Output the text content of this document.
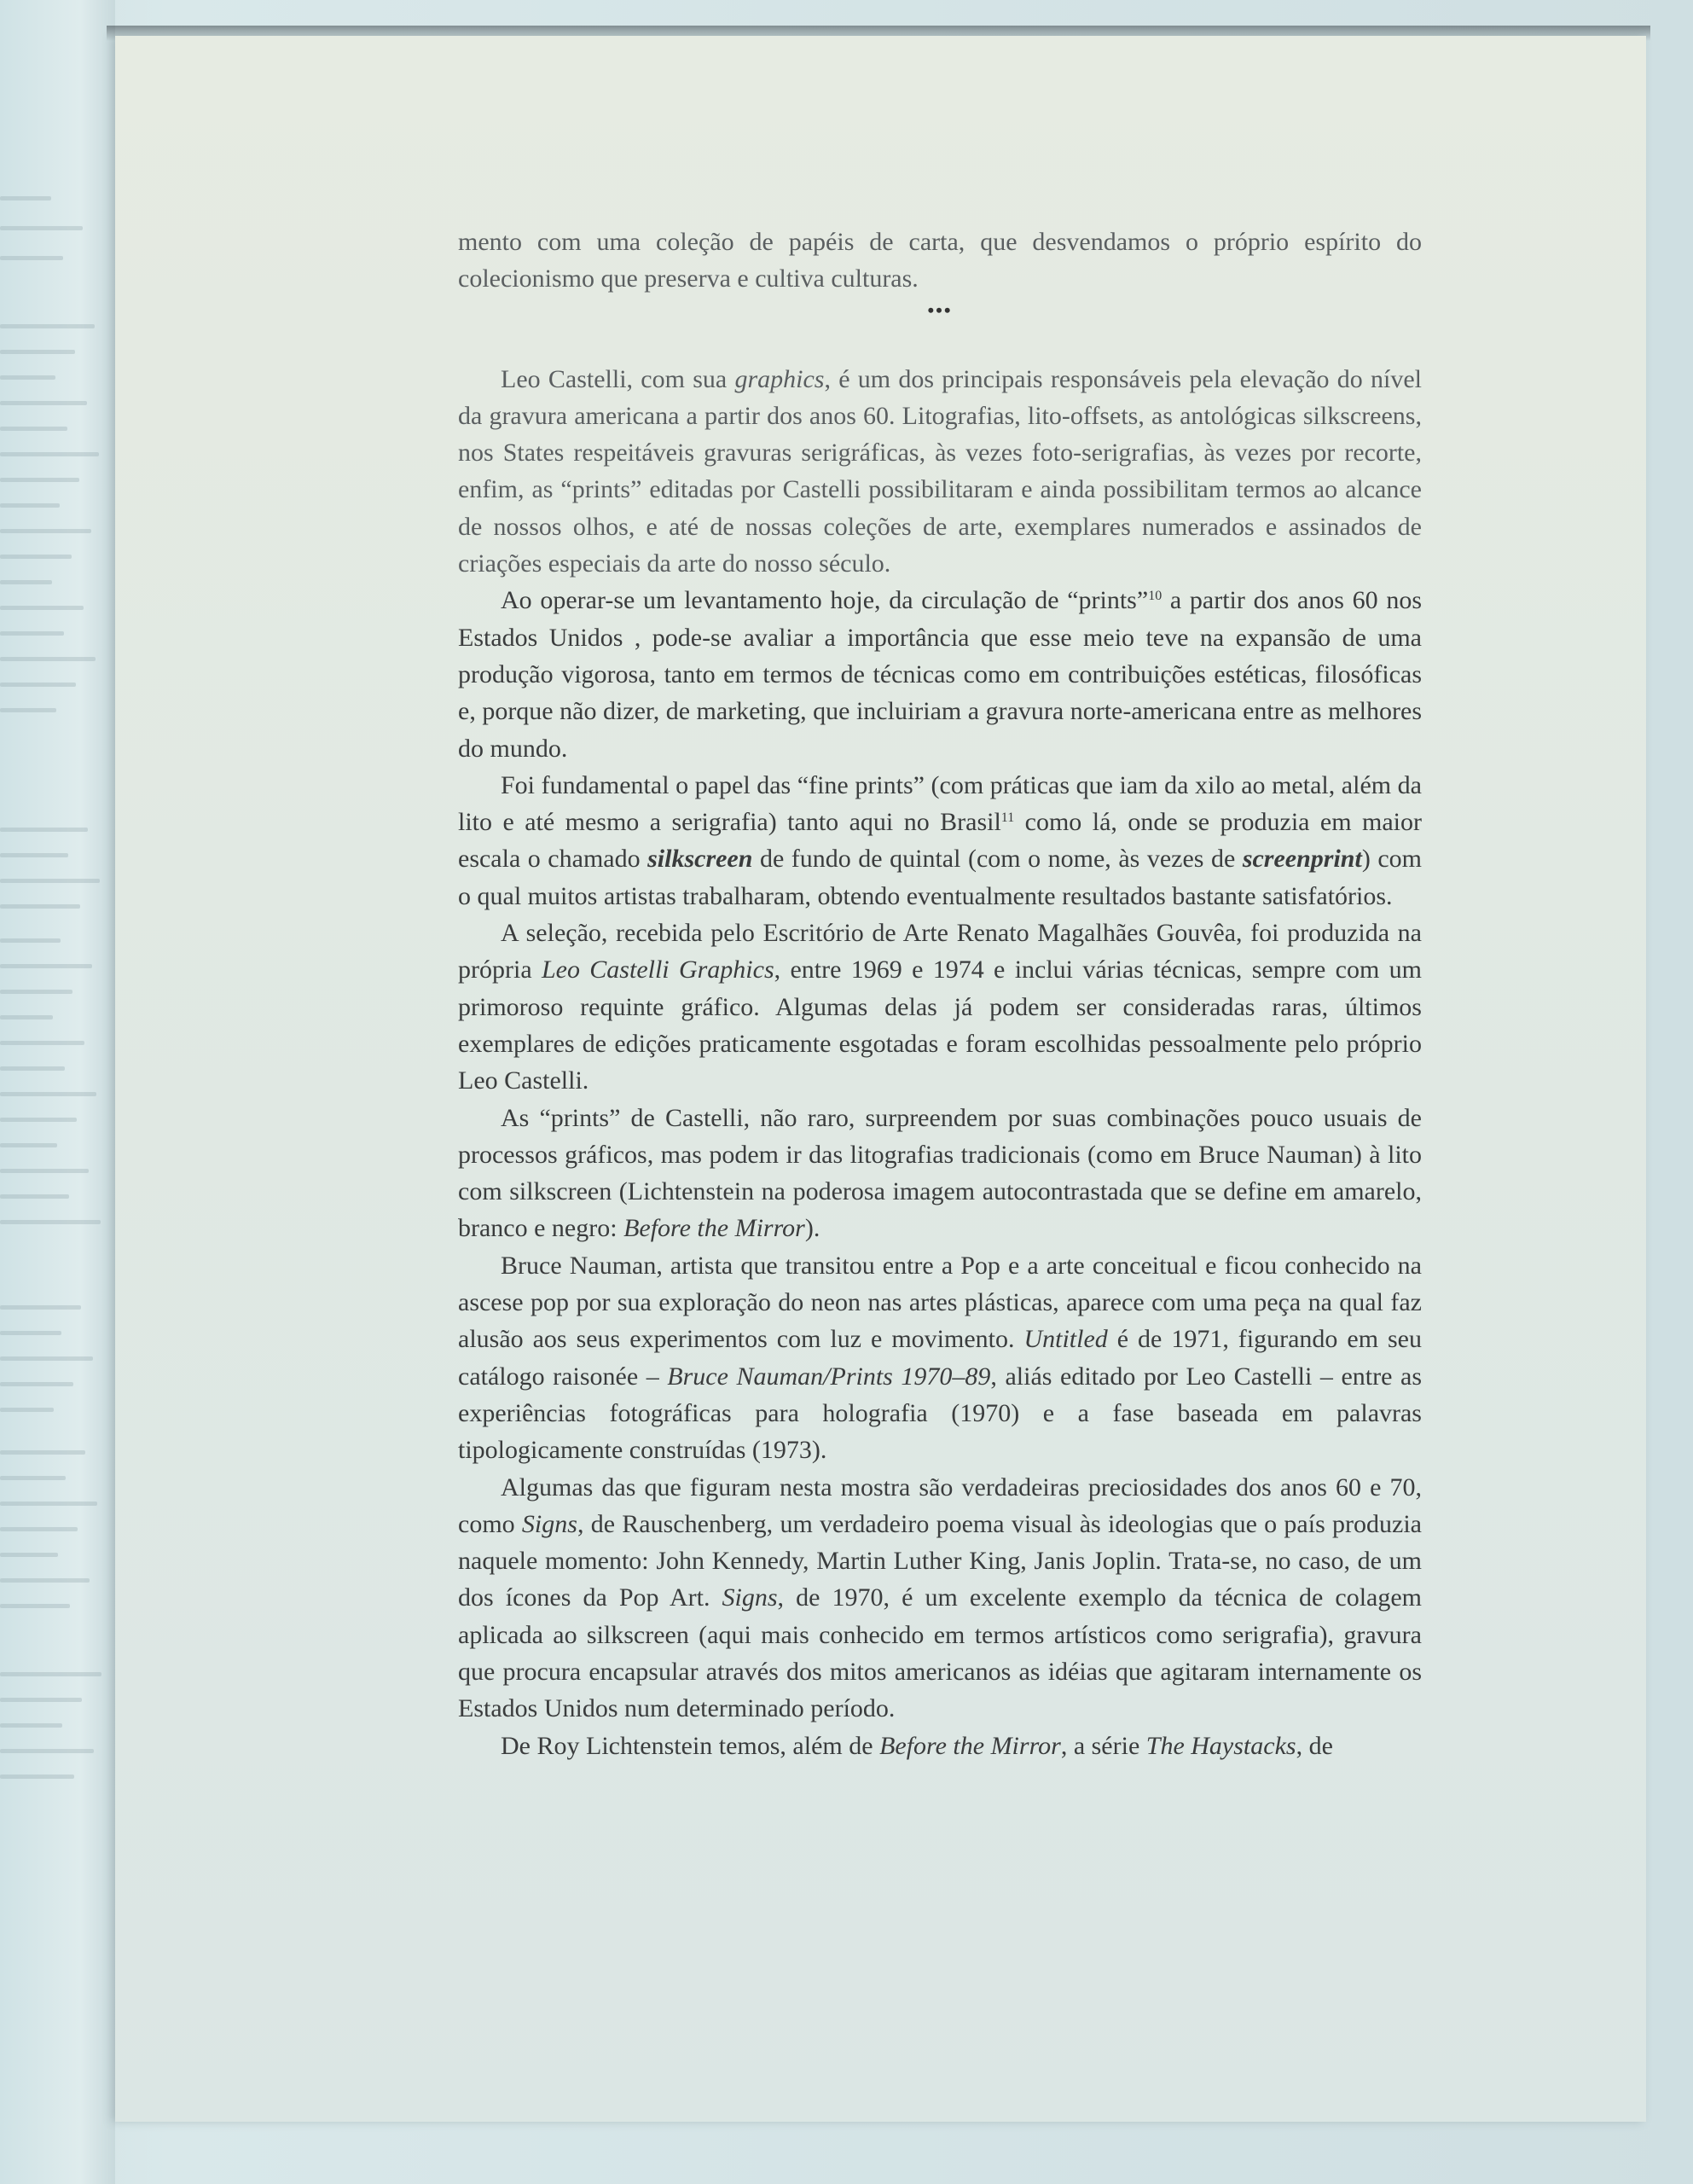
mento com uma coleção de papéis de carta, que desvendamos o próprio espírito do colecionismo que preserva e cultiva culturas.

•••

Leo Castelli, com sua graphics, é um dos principais responsáveis pela elevação do nível da gravura americana a partir dos anos 60. Litografias, lito-offsets, as antológicas silkscreens, nos States respeitáveis gravuras serigráficas, às vezes foto-serigrafias, às vezes por recorte, enfim, as “prints” editadas por Castelli possibilitaram e ainda possibilitam termos ao alcance de nossos olhos, e até de nossas coleções de arte, exemplares numerados e assinados de criações especiais da arte do nosso século.

Ao operar-se um levantamento hoje, da circulação de “prints”$^{10}$ a partir dos anos 60 nos Estados Unidos , pode-se avaliar a importância que esse meio teve na expansão de uma produção vigorosa, tanto em termos de técnicas como em contribuições estéticas, filosóficas e, porque não dizer, de marketing, que incluiriam a gravura norte-americana entre as melhores do mundo.

Foi fundamental o papel das “fine prints” (com práticas que iam da xilo ao metal, além da lito e até mesmo a serigrafia) tanto aqui no Brasil$^{11}$ como lá, onde se produzia em maior escala o chamado silkscreen de fundo de quintal (com o nome, às vezes de screenprint) com o qual muitos artistas trabalharam, obtendo eventualmente resultados bastante satisfatórios.

A seleção, recebida pelo Escritório de Arte Renato Magalhães Gouvêa, foi produzida na própria Leo Castelli Graphics, entre 1969 e 1974 e inclui várias técnicas, sempre com um primoroso requinte gráfico. Algumas delas já podem ser consideradas raras, últimos exemplares de edições praticamente esgotadas e foram escolhidas pessoalmente pelo próprio Leo Castelli.

As “prints” de Castelli, não raro, surpreendem por suas combinações pouco usuais de processos gráficos, mas podem ir das litografias tradicionais (como em Bruce Nauman) à lito com silkscreen (Lichtenstein na poderosa imagem autocontrastada que se define em amarelo, branco e negro: Before the Mirror).

Bruce Nauman, artista que transitou entre a Pop e a arte conceitual e ficou conhecido na ascese pop por sua exploração do neon nas artes plásticas, aparece com uma peça na qual faz alusão aos seus experimentos com luz e movimento. Untitled é de 1971, figurando em seu catálogo raisonée – Bruce Nauman/Prints 1970–89, aliás editado por Leo Castelli – entre as experiências fotográficas para holografia (1970) e a fase baseada em palavras tipologicamente construídas (1973).

Algumas das que figuram nesta mostra são verdadeiras preciosidades dos anos 60 e 70, como Signs, de Rauschenberg, um verdadeiro poema visual às ideologias que o país produzia naquele momento: John Kennedy, Martin Luther King, Janis Joplin. Trata-se, no caso, de um dos ícones da Pop Art. Signs, de 1970, é um excelente exemplo da técnica de colagem aplicada ao silkscreen (aqui mais conhecido em termos artísticos como serigrafia), gravura que procura encapsular através dos mitos americanos as idéias que agitaram internamente os Estados Unidos num determinado período.

De Roy Lichtenstein temos, além de Before the Mirror, a série The Haystacks, de
